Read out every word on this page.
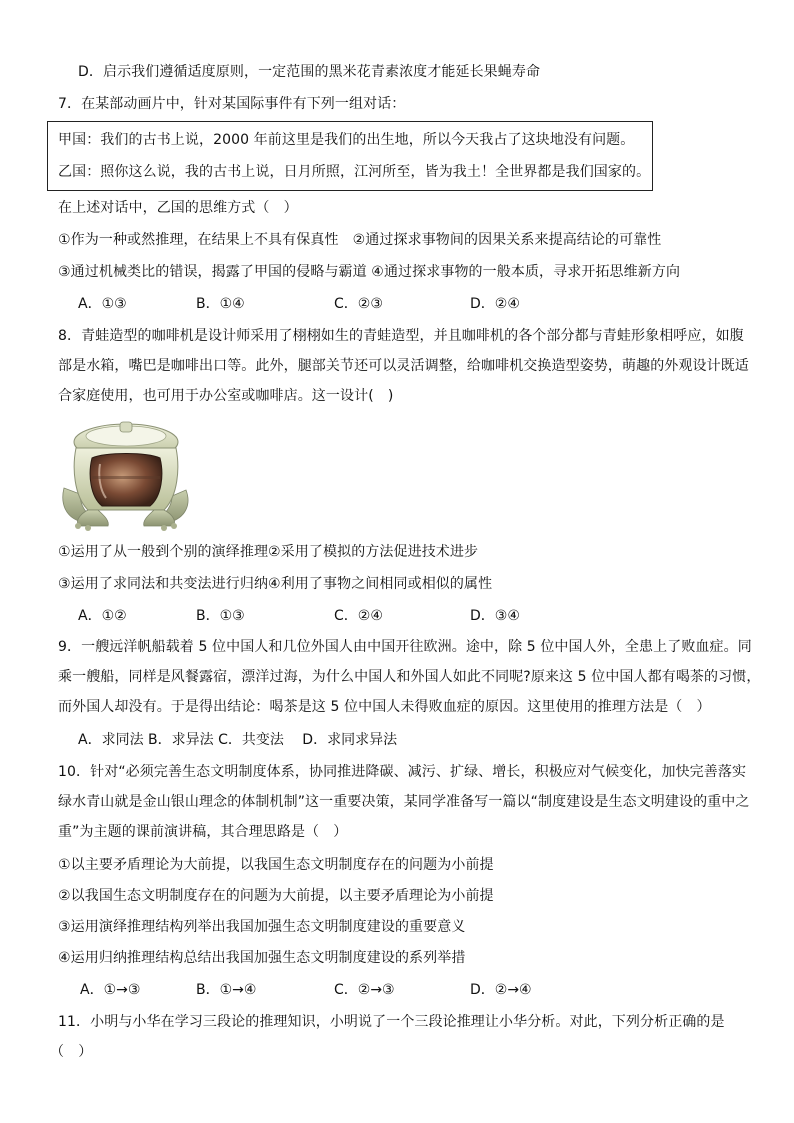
D．启示我们遵循适度原则，一定范围的黑米花青素浓度才能延长果蝇寿命
7．在某部动画片中，针对某国际事件有下列一组对话：
甲国：我们的古书上说，2000 年前这里是我们的出生地，所以今天我占了这块地没有问题。
乙国：照你这么说，我的古书上说，日月所照，江河所至，皆为我土！全世界都是我们国家的。
在上述对话中，乙国的思维方式（　）
①作为一种或然推理，在结果上不具有保真性　②通过探求事物间的因果关系来提高结论的可靠性
③通过机械类比的错误，揭露了甲国的侵略与霸道 ④通过探求事物的一般本质，寻求开拓思维新方向
A．①③	B．①④	C．②③	D．②④
8．青蛙造型的咖啡机是设计师采用了栩栩如生的青蛙造型，并且咖啡机的各个部分都与青蛙形象相呼应，如腹
部是水箱，嘴巴是咖啡出口等。此外，腿部关节还可以灵活调整，给咖啡机交换造型姿势，萌趣的外观设计既适
合家庭使用，也可用于办公室或咖啡店。这一设计(　)
①运用了从一般到个别的演绎推理②采用了模拟的方法促进技术进步
③运用了求同法和共变法进行归纳④利用了事物之间相同或相似的属性
A．①②	B．①③	C．②④	D．③④
9．一艘远洋帆船载着 5 位中国人和几位外国人由中国开往欧洲。途中，除 5 位中国人外，全患上了败血症。同
乘一艘船，同样是风餐露宿，漂洋过海，为什么中国人和外国人如此不同呢?原来这 5 位中国人都有喝茶的习惯，
而外国人却没有。于是得出结论：喝茶是这 5 位中国人未得败血症的原因。这里使用的推理方法是（　）
A．求同法 B．求异法 C．共变法　 D．求同求异法
10．针对“必须完善生态文明制度体系，协同推进降碳、减污、扩绿、增长，积极应对气候变化，加快完善落实
绿水青山就是金山银山理念的体制机制”这一重要决策，某同学准备写一篇以“制度建设是生态文明建设的重中之
重”为主题的课前演讲稿，其合理思路是（　）
①以主要矛盾理论为大前提，以我国生态文明制度存在的问题为小前提
②以我国生态文明制度存在的问题为大前提，以主要矛盾理论为小前提
③运用演绎推理结构列举出我国加强生态文明制度建设的重要意义
④运用归纳推理结构总结出我国加强生态文明制度建设的系列举措
A．①→③	B．①→④	C．②→③	D．②→④
11．小明与小华在学习三段论的推理知识，小明说了一个三段论推理让小华分析。对此，下列分析正确的是
（　）
